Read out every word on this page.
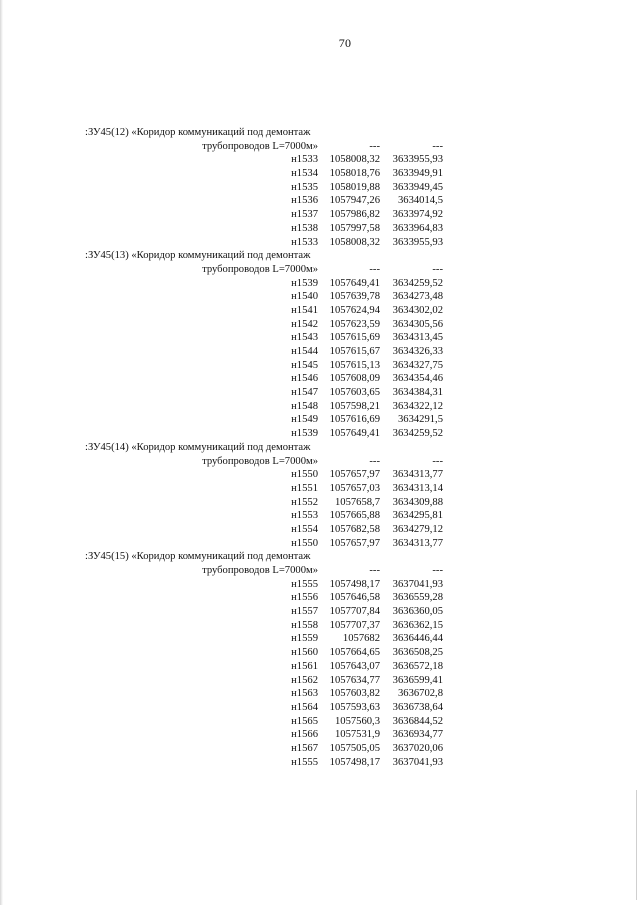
70
:ЗУ45(12) «Коридор коммуникаций под демонтаж
трубопроводов L=7000м»	---	---
н1533	1058008,32	3633955,93
н1534	1058018,76	3633949,91
н1535	1058019,88	3633949,45
н1536	1057947,26	3634014,5
н1537	1057986,82	3633974,92
н1538	1057997,58	3633964,83
н1533	1058008,32	3633955,93
:ЗУ45(13) «Коридор коммуникаций под демонтаж
трубопроводов L=7000м»	---	---
н1539	1057649,41	3634259,52
н1540	1057639,78	3634273,48
н1541	1057624,94	3634302,02
н1542	1057623,59	3634305,56
н1543	1057615,69	3634313,45
н1544	1057615,67	3634326,33
н1545	1057615,13	3634327,75
н1546	1057608,09	3634354,46
н1547	1057603,65	3634384,31
н1548	1057598,21	3634322,12
н1549	1057616,69	3634291,5
н1539	1057649,41	3634259,52
:ЗУ45(14) «Коридор коммуникаций под демонтаж
трубопроводов L=7000м»	---	---
н1550	1057657,97	3634313,77
н1551	1057657,03	3634313,14
н1552	1057658,7	3634309,88
н1553	1057665,88	3634295,81
н1554	1057682,58	3634279,12
н1550	1057657,97	3634313,77
:ЗУ45(15) «Коридор коммуникаций под демонтаж
трубопроводов L=7000м»	---	---
н1555	1057498,17	3637041,93
н1556	1057646,58	3636559,28
н1557	1057707,84	3636360,05
н1558	1057707,37	3636362,15
н1559	1057682	3636446,44
н1560	1057664,65	3636508,25
н1561	1057643,07	3636572,18
н1562	1057634,77	3636599,41
н1563	1057603,82	3636702,8
н1564	1057593,63	3636738,64
н1565	1057560,3	3636844,52
н1566	1057531,9	3636934,77
н1567	1057505,05	3637020,06
н1555	1057498,17	3637041,93
